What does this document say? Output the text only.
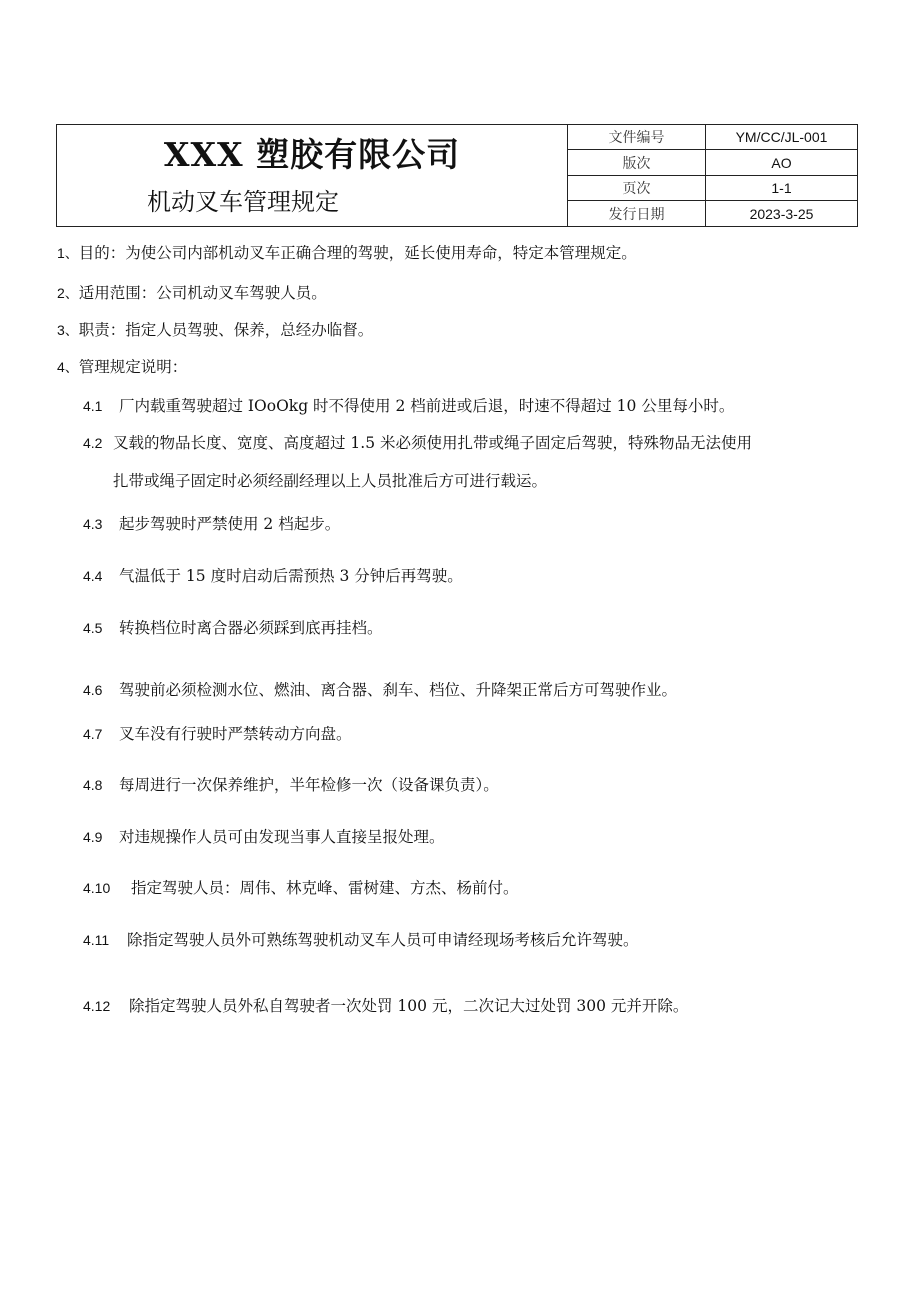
XXX 塑胶有限公司
机动叉车管理规定
文件编号	YM/CC/JL-001
版次	AO
页次	1-1
发行日期	2023-3-25
1、目的：为使公司内部机动叉车正确合理的驾驶，延长使用寿命，特定本管理规定。
2、适用范围：公司机动叉车驾驶人员。
3、职责：指定人员驾驶、保养，总经办临督。
4、管理规定说明：
4.1 厂内载重驾驶超过 IOoOkg 时不得使用 2 档前进或后退，时速不得超过 10 公里每小时。
4.2 叉载的物品长度、宽度、高度超过 1.5 米必须使用扎带或绳子固定后驾驶，特殊物品无法使用
扎带或绳子固定时必须经副经理以上人员批准后方可进行载运。
4.3 起步驾驶时严禁使用 2 档起步。
4.4 气温低于 15 度时启动后需预热 3 分钟后再驾驶。
4.5 转换档位时离合器必须踩到底再挂档。
4.6 驾驶前必须检测水位、燃油、离合器、刹车、档位、升降架正常后方可驾驶作业。
4.7 叉车没有行驶时严禁转动方向盘。
4.8 每周进行一次保养维护，半年检修一次（设备课负责）。
4.9 对违规操作人员可由发现当事人直接呈报处理。
4.10 指定驾驶人员：周伟、林克峰、雷树建、方杰、杨前付。
4.11 除指定驾驶人员外可熟练驾驶机动叉车人员可申请经现场考核后允许驾驶。
4.12 除指定驾驶人员外私自驾驶者一次处罚 100 元，二次记大过处罚 300 元并开除。
